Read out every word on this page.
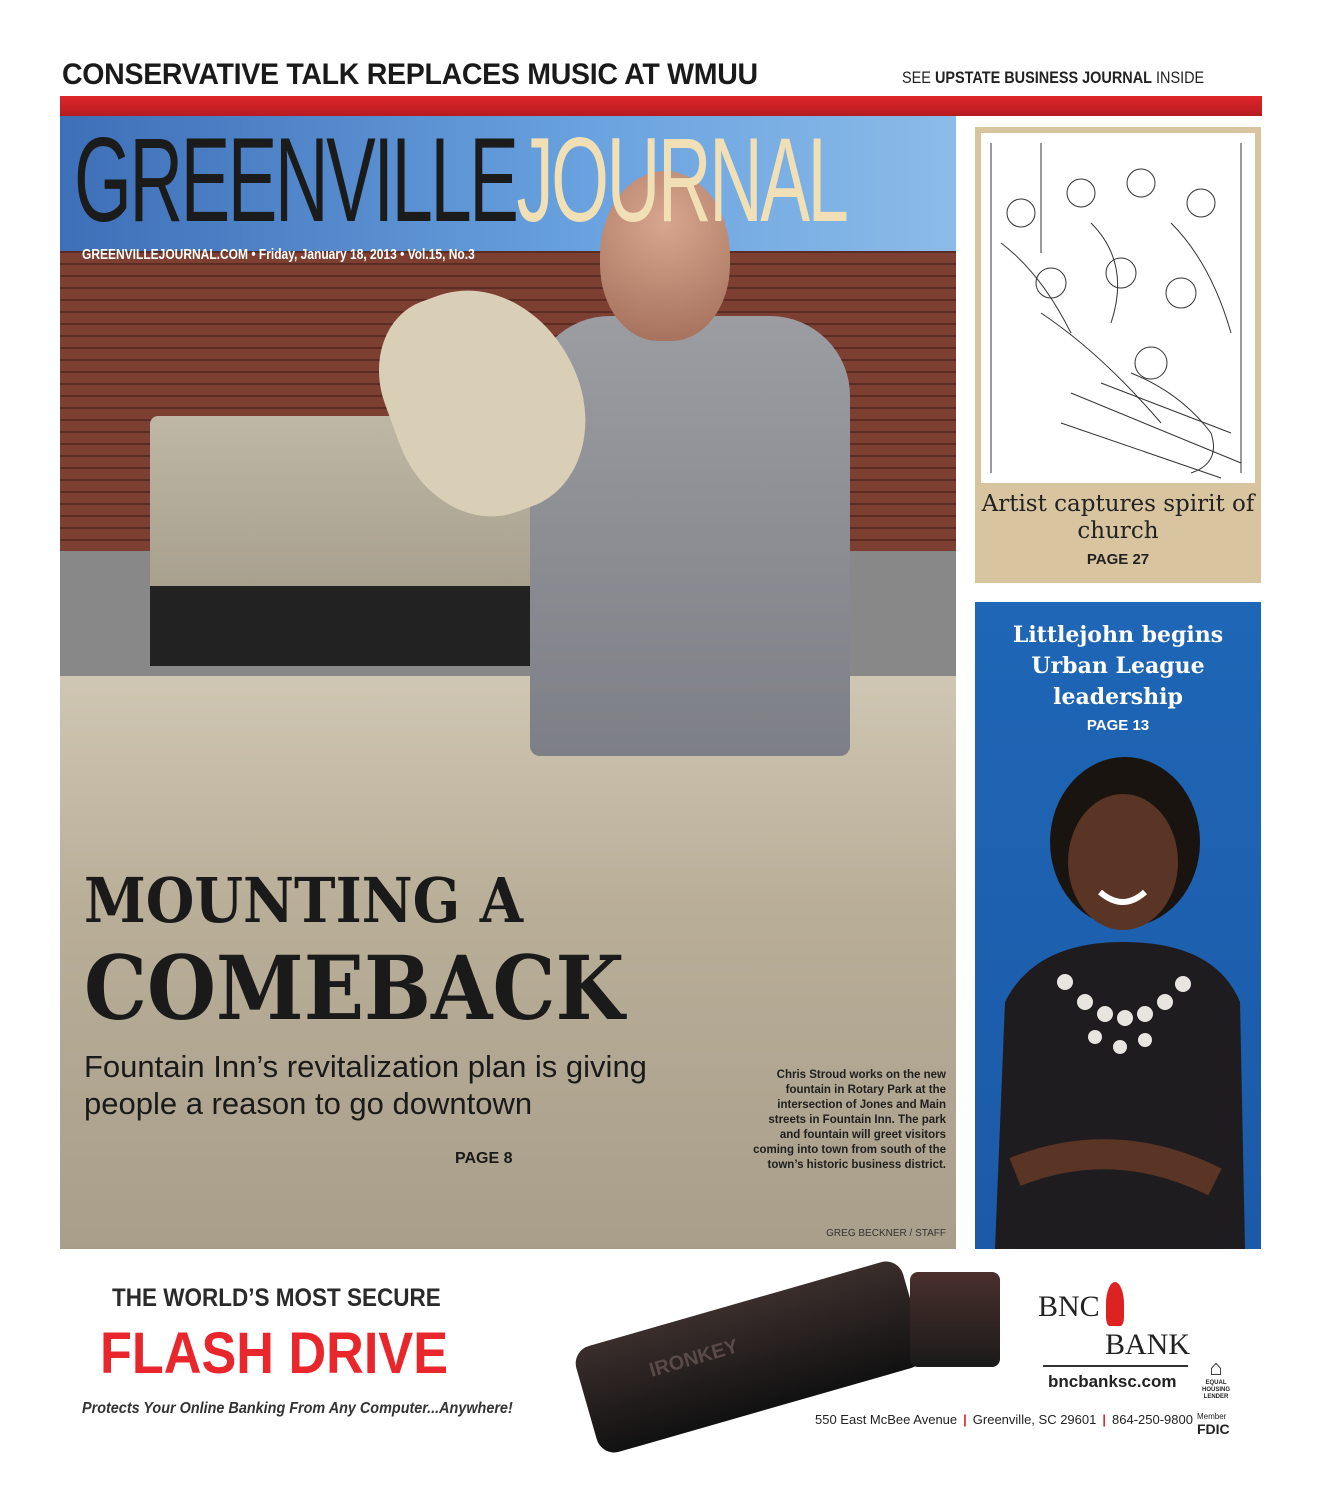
CONSERVATIVE TALK REPLACES MUSIC AT WMUU	SEE UPSTATE BUSINESS JOURNAL INSIDE
GREENVILLEJOURNAL
GREENVILLEJOURNAL.COM • Friday, January 18, 2013 • Vol.15, No.3
MOUNTING A
COMEBACK
Fountain Inn’s revitalization plan is giving people a reason to go downtown
PAGE 8
Chris Stroud works on the new fountain in Rotary Park at the intersection of Jones and Main streets in Fountain Inn. The park and fountain will greet visitors coming into town from south of the town’s historic business district.
GREG BECKNER / STAFF
Artist captures spirit of church
PAGE 27
Littlejohn begins Urban League leadership
PAGE 13
THE WORLD’S MOST SECURE
FLASH DRIVE
Protects Your Online Banking From Any Computer...Anywhere!
IRONKEY
BNC
BANK
bncbanksc.com
550 East McBee Avenue | Greenville, SC 29601 | 864-250-9800
⌂
EQUAL HOUSING LENDER
Member
FDIC
